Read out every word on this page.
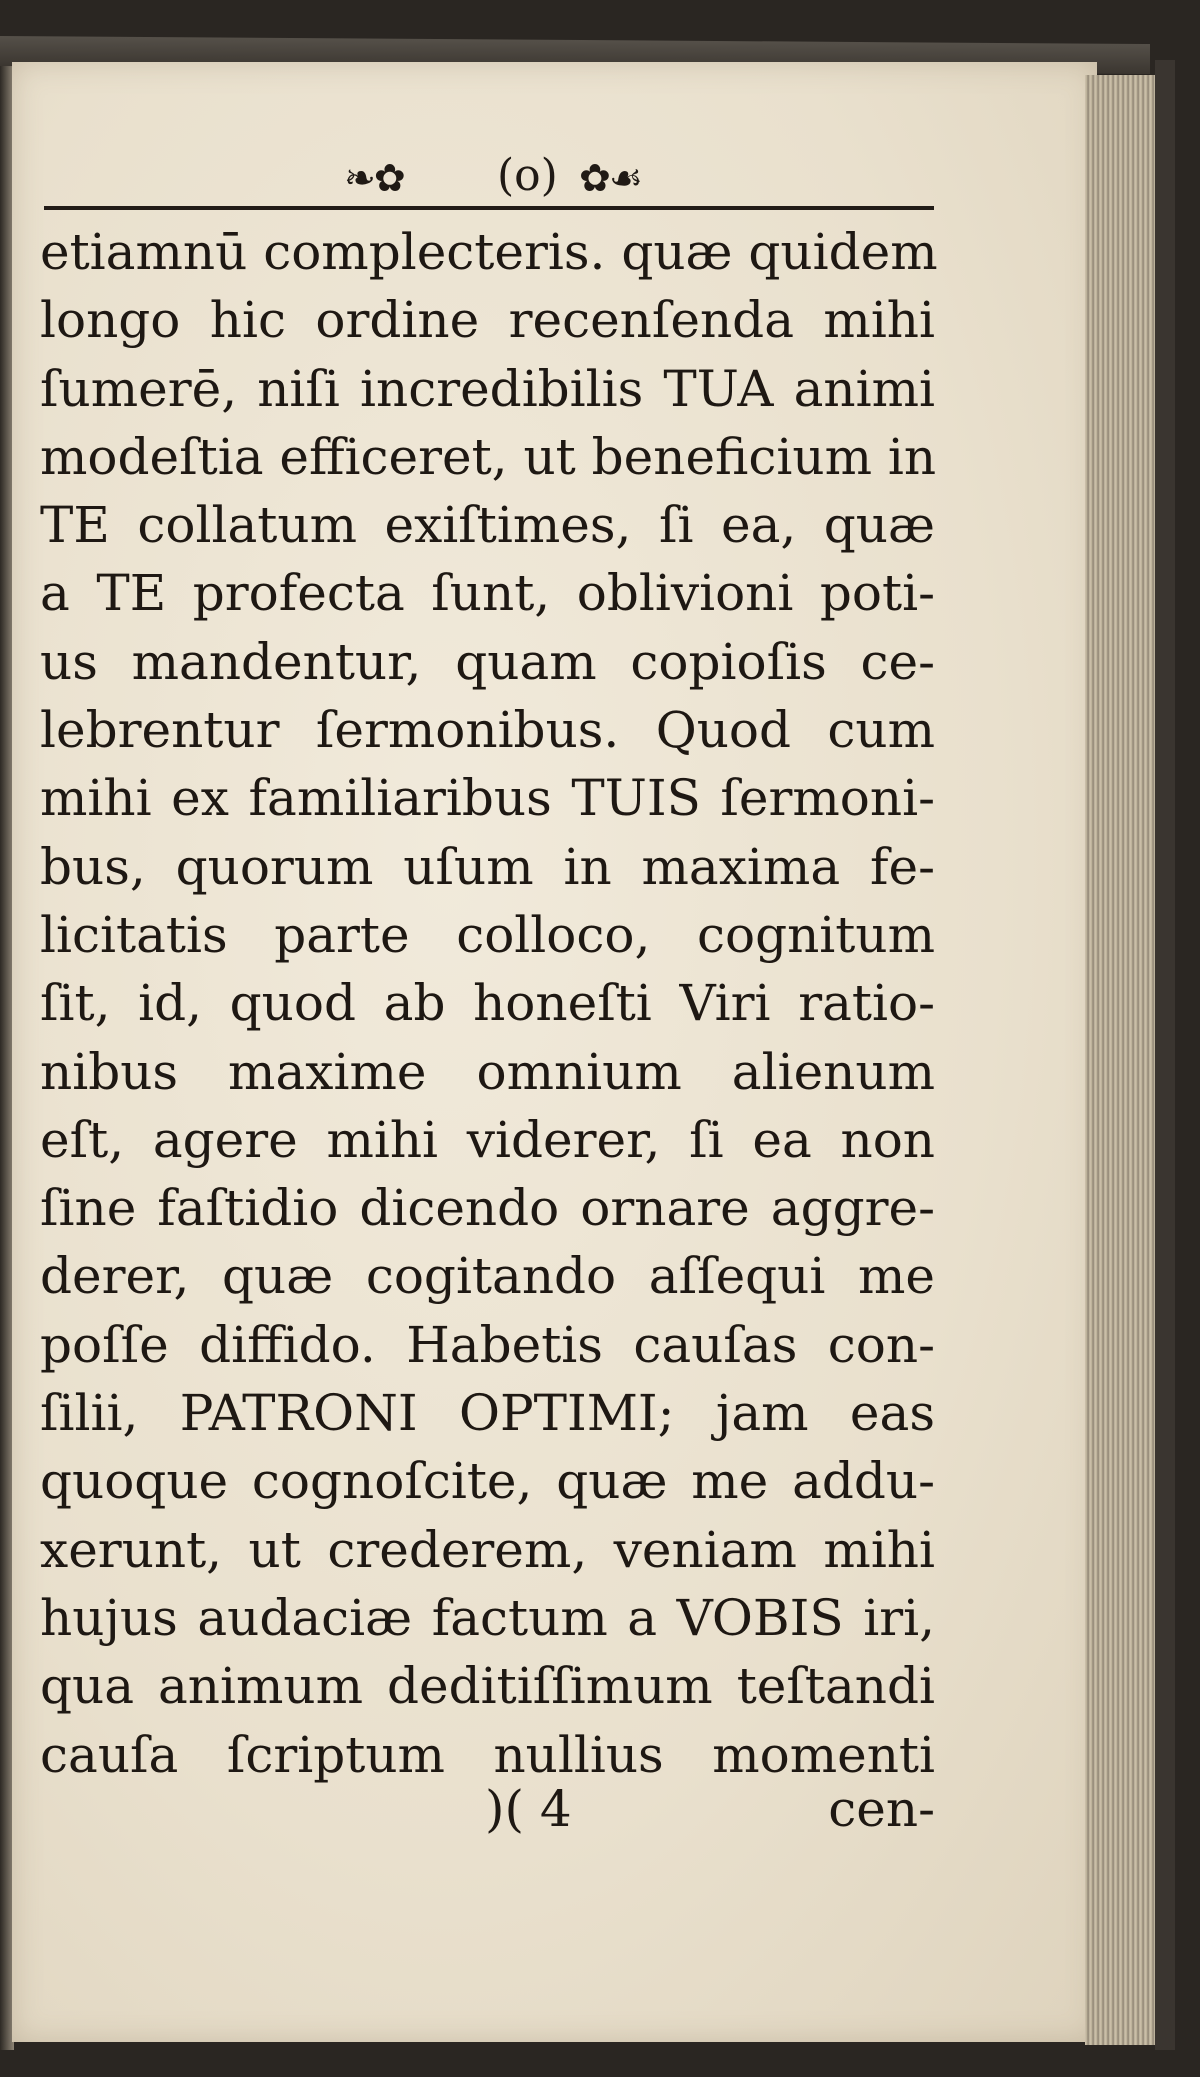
❧✿ (o) ✿☙
etiamnū complecteris. quæ quidem
longo hic ordine recenſenda mihi
ſumerē, niſi incredibilis TUA animi
modeſtia efficeret, ut beneficium in
TE collatum exiſtimes, ſi ea, quæ
a TE profecta ſunt, oblivioni poti-
us mandentur, quam copioſis ce-
lebrentur ſermonibus. Quod cum
mihi ex familiaribus TUIS ſermoni-
bus, quorum uſum in maxima fe-
licitatis parte colloco, cognitum
ſit, id, quod ab honeſti Viri ratio-
nibus maxime omnium alienum
eſt, agere mihi viderer, ſi ea non
ſine faſtidio dicendo ornare aggre-
derer, quæ cogitando aſſequi me
poſſe diffido. Habetis cauſas con-
ſilii, PATRONI OPTIMI; jam eas
quoque cognoſcite, quæ me addu-
xerunt, ut crederem, veniam mihi
hujus audaciæ factum a VOBIS iri,
qua animum deditiſſimum teſtandi
cauſa ſcriptum nullius momenti
)( 4	cen-
